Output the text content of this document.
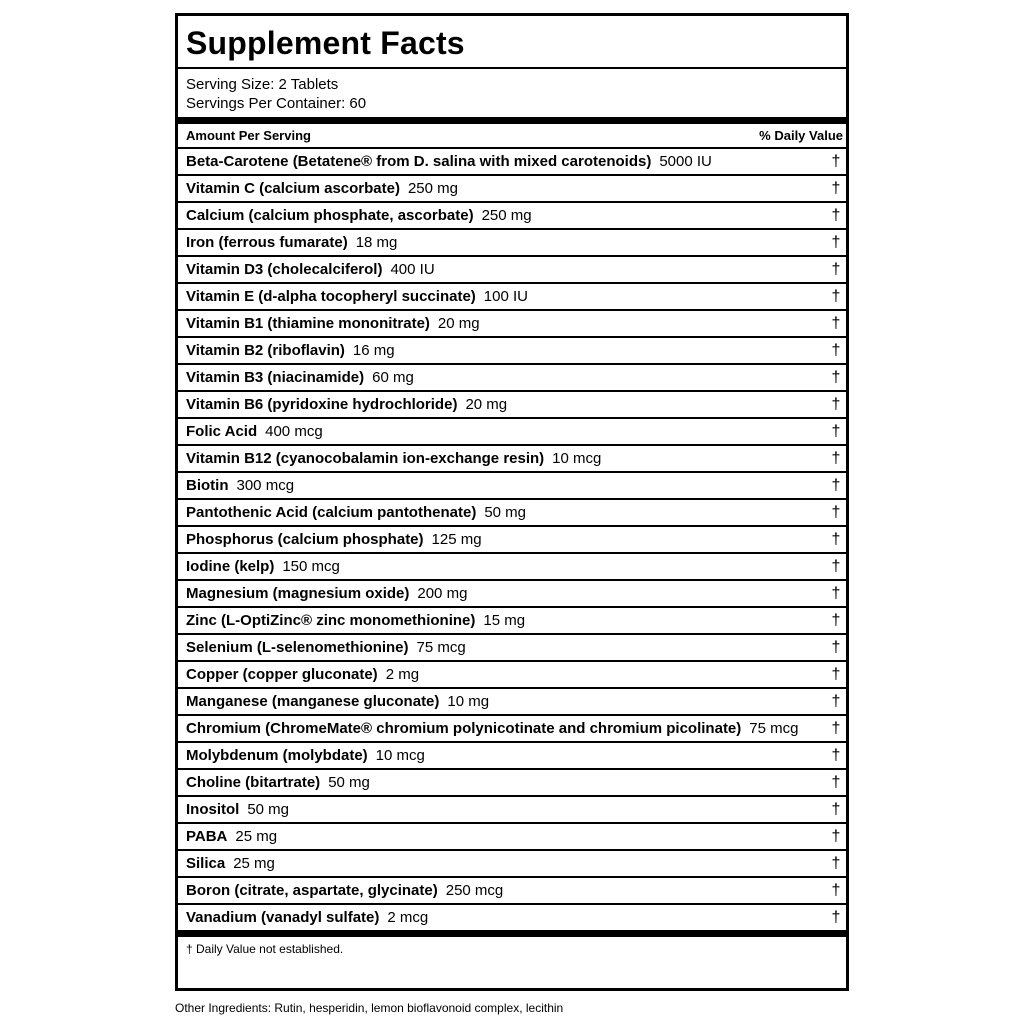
Supplement Facts
Serving Size: 2 Tablets
Servings Per Container: 60
Amount Per Serving	% Daily Value
Beta-Carotene (Betatene® from D. salina with mixed carotenoids) 5000 IU	†
Vitamin C (calcium ascorbate) 250 mg	†
Calcium (calcium phosphate, ascorbate) 250 mg	†
Iron (ferrous fumarate) 18 mg	†
Vitamin D3 (cholecalciferol) 400 IU	†
Vitamin E (d-alpha tocopheryl succinate) 100 IU	†
Vitamin B1 (thiamine mononitrate) 20 mg	†
Vitamin B2 (riboflavin) 16 mg	†
Vitamin B3 (niacinamide) 60 mg	†
Vitamin B6 (pyridoxine hydrochloride) 20 mg	†
Folic Acid 400 mcg	†
Vitamin B12 (cyanocobalamin ion-exchange resin) 10 mcg	†
Biotin 300 mcg	†
Pantothenic Acid (calcium pantothenate) 50 mg	†
Phosphorus (calcium phosphate) 125 mg	†
Iodine (kelp) 150 mcg	†
Magnesium (magnesium oxide) 200 mg	†
Zinc (L-OptiZinc® zinc monomethionine) 15 mg	†
Selenium (L-selenomethionine) 75 mcg	†
Copper (copper gluconate) 2 mg	†
Manganese (manganese gluconate) 10 mg	†
Chromium (ChromeMate® chromium polynicotinate and chromium picolinate) 75 mcg †
Molybdenum (molybdate) 10 mcg	†
Choline (bitartrate) 50 mg	†
Inositol 50 mg	†
PABA 25 mg	†
Silica 25 mg	†
Boron (citrate, aspartate, glycinate) 250 mcg	†
Vanadium (vanadyl sulfate) 2 mcg	†
† Daily Value not established.
Other Ingredients: Rutin, hesperidin, lemon bioflavonoid complex, lecithin
